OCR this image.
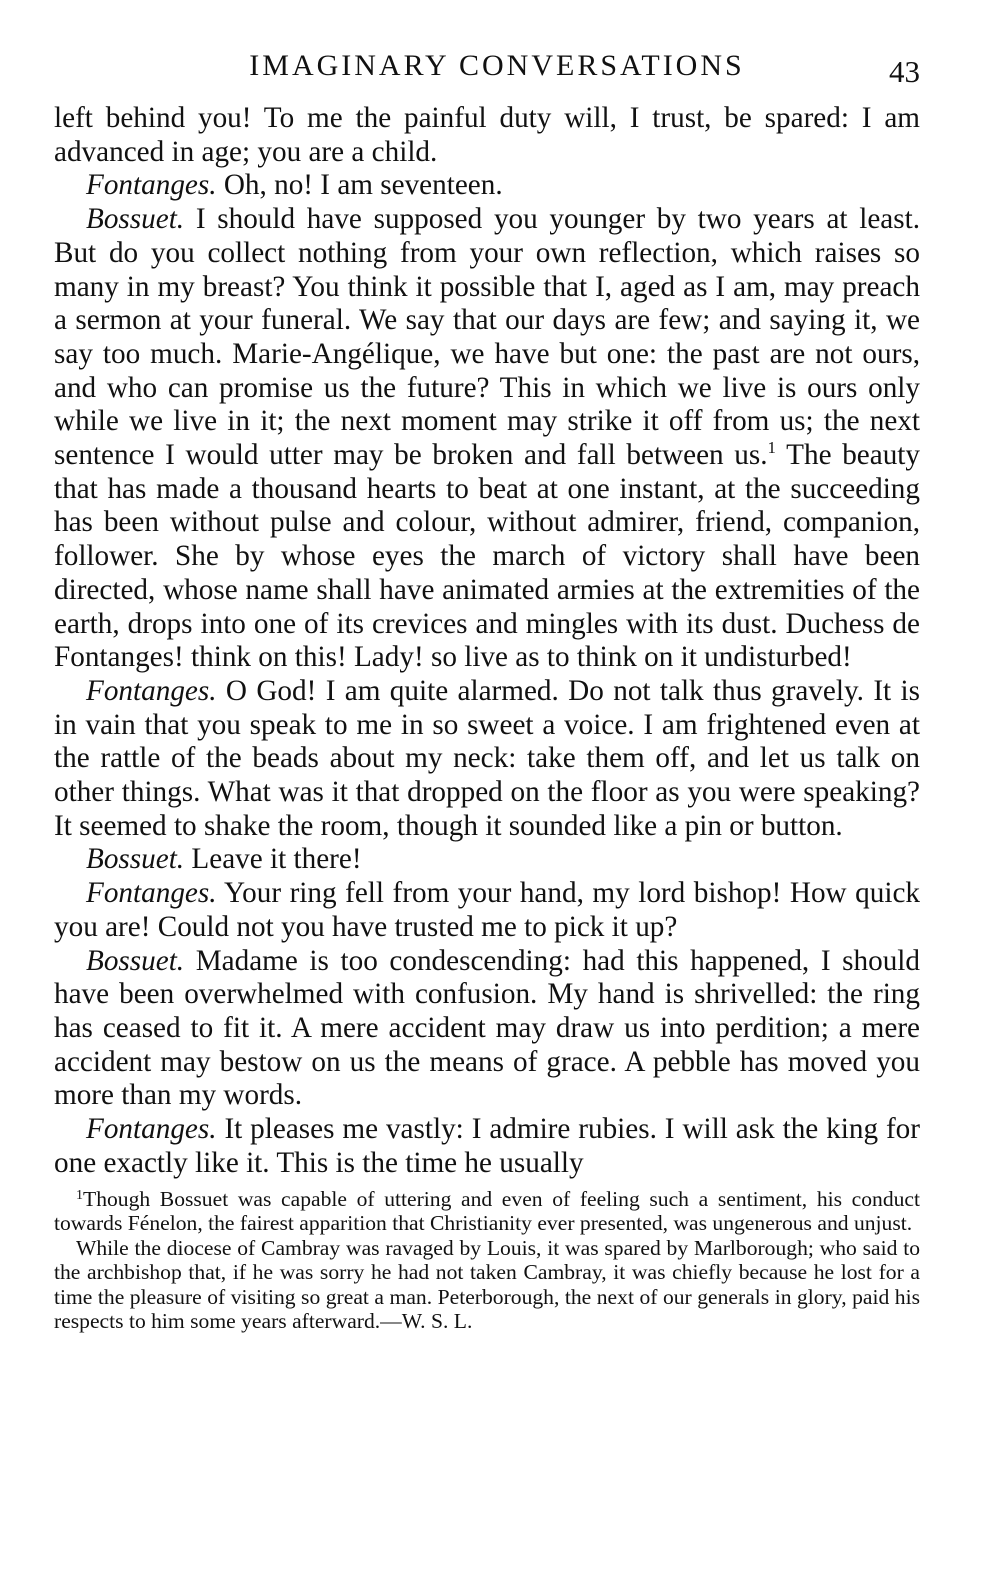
IMAGINARY CONVERSATIONS	43

left behind you! To me the painful duty will, I trust, be spared: I am advanced in age; you are a child.

Fontanges. Oh, no! I am seventeen.

Bossuet. I should have supposed you younger by two years at least. But do you collect nothing from your own reflection, which raises so many in my breast? You think it possible that I, aged as I am, may preach a sermon at your funeral. We say that our days are few; and saying it, we say too much. Marie-Angélique, we have but one: the past are not ours, and who can promise us the future? This in which we live is ours only while we live in it; the next moment may strike it off from us; the next sentence I would utter may be broken and fall between us.$^1$ The beauty that has made a thousand hearts to beat at one instant, at the succeeding has been without pulse and colour, without admirer, friend, companion, follower. She by whose eyes the march of victory shall have been directed, whose name shall have animated armies at the extremities of the earth, drops into one of its crevices and mingles with its dust. Duchess de Fontanges! think on this! Lady! so live as to think on it undisturbed!

Fontanges. O God! I am quite alarmed. Do not talk thus gravely. It is in vain that you speak to me in so sweet a voice. I am frightened even at the rattle of the beads about my neck: take them off, and let us talk on other things. What was it that dropped on the floor as you were speaking? It seemed to shake the room, though it sounded like a pin or button.

Bossuet. Leave it there!

Fontanges. Your ring fell from your hand, my lord bishop! How quick you are! Could not you have trusted me to pick it up?

Bossuet. Madame is too condescending: had this happened, I should have been overwhelmed with confusion. My hand is shrivelled: the ring has ceased to fit it. A mere accident may draw us into perdition; a mere accident may bestow on us the means of grace. A pebble has moved you more than my words.

Fontanges. It pleases me vastly: I admire rubies. I will ask the king for one exactly like it. This is the time he usually

$^1$Though Bossuet was capable of uttering and even of feeling such a sentiment, his conduct towards Fénelon, the fairest apparition that Christianity ever presented, was ungenerous and unjust.

While the diocese of Cambray was ravaged by Louis, it was spared by Marlborough; who said to the archbishop that, if he was sorry he had not taken Cambray, it was chiefly because he lost for a time the pleasure of visiting so great a man. Peterborough, the next of our generals in glory, paid his respects to him some years afterward.—W. S. L.
